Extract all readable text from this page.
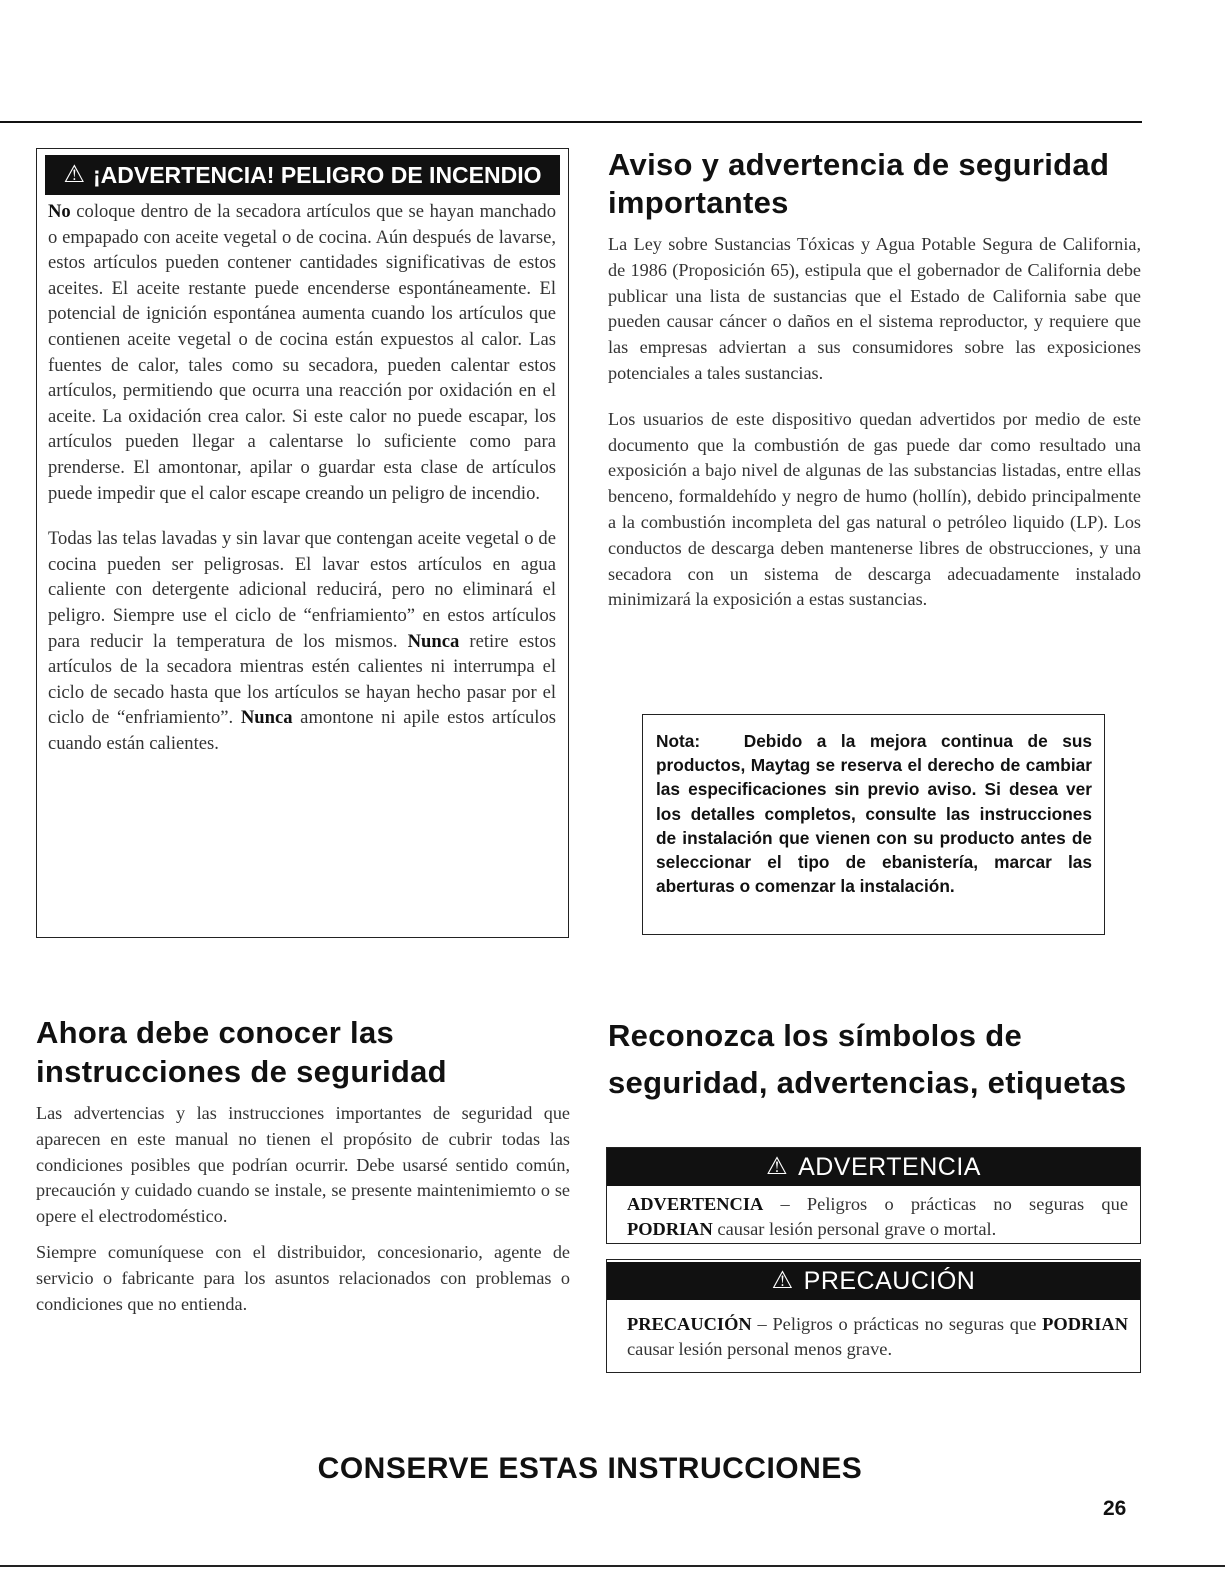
⚠ ¡ADVERTENCIA! PELIGRO DE INCENDIO

No coloque dentro de la secadora artículos que se hayan manchado o empapado con aceite vegetal o de cocina. Aún después de lavarse, estos artículos pueden contener cantidades significativas de estos aceites. El aceite restante puede encenderse espontáneamente. El potencial de ignición espontánea aumenta cuando los artículos que contienen aceite vegetal o de cocina están expuestos al calor. Las fuentes de calor, tales como su secadora, pueden calentar estos artículos, permitiendo que ocurra una reacción por oxidación en el aceite. La oxidación crea calor. Si este calor no puede escapar, los artículos pueden llegar a calentarse lo suficiente como para prenderse. El amontonar, apilar o guardar esta clase de artículos puede impedir que el calor escape creando un peligro de incendio.

Todas las telas lavadas y sin lavar que contengan aceite vegetal o de cocina pueden ser peligrosas. El lavar estos artículos en agua caliente con detergente adicional reducirá, pero no eliminará el peligro. Siempre use el ciclo de “enfriamiento” en estos artículos para reducir la temperatura de los mismos. Nunca retire estos artículos de la secadora mientras estén calientes ni interrumpa el ciclo de secado hasta que los artículos se hayan hecho pasar por el ciclo de “enfriamiento”. Nunca amontone ni apile estos artículos cuando están calientes.

Aviso y advertencia de seguridad importantes

La Ley sobre Sustancias Tóxicas y Agua Potable Segura de California, de 1986 (Proposición 65), estipula que el gobernador de California debe publicar una lista de sustancias que el Estado de California sabe que pueden causar cáncer o daños en el sistema reproductor, y requiere que las empresas adviertan a sus consumidores sobre las exposiciones potenciales a tales sustancias.

Los usuarios de este dispositivo quedan advertidos por medio de este documento que la combustión de gas puede dar como resultado una exposición a bajo nivel de algunas de las substancias listadas, entre ellas benceno, formaldehído y negro de humo (hollín), debido principalmente a la combustión incompleta del gas natural o petróleo liquido (LP). Los conductos de descarga deben mantenerse libres de obstrucciones, y una secadora con un sistema de descarga adecuadamente instalado minimizará la exposición a estas sustancias.

Nota:	Debido a la mejora continua de sus productos, Maytag se reserva el derecho de cambiar las especificaciones sin previo aviso. Si desea ver los detalles completos, consulte las instrucciones de instalación que vienen con su producto antes de seleccionar el tipo de ebanistería, marcar las aberturas o comenzar la instalación.
Ahora debe conocer las instrucciones de seguridad

Las advertencias y las instrucciones importantes de seguridad que aparecen en este manual no tienen el propósito de cubrir todas las condiciones posibles que podrían ocurrir. Debe usarsé sentido común, precaución y cuidado cuando se instale, se presente maintenimiemto o se opere el electrodoméstico.

Siempre comuníquese con el distribuidor, concesionario, agente de servicio o fabricante para los asuntos relacionados con problemas o condiciones que no entienda.

Reconozca los símbolos de seguridad, advertencias, etiquetas
⚠ ADVERTENCIA
ADVERTENCIA – Peligros o prácticas no seguras que PODRIAN causar lesión personal grave o mortal.
⚠ PRECAUCIÓN
PRECAUCIÓN – Peligros o prácticas no seguras que PODRIAN causar lesión personal menos grave.
CONSERVE ESTAS INSTRUCCIONES
26
